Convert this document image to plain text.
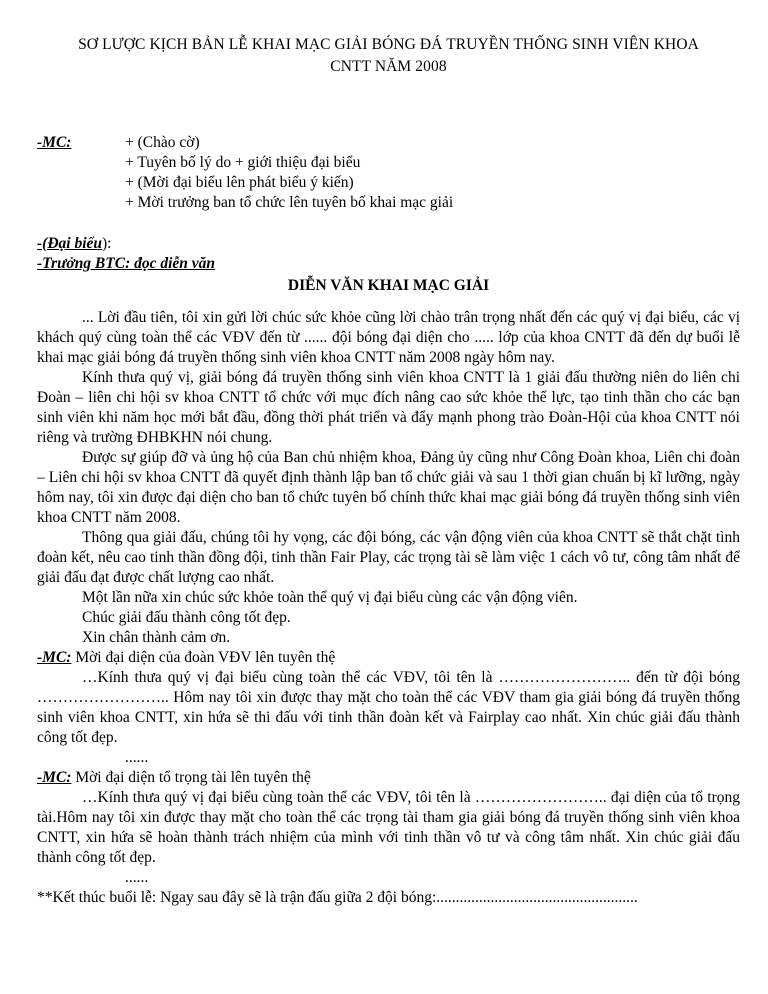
SƠ LƯỢC KỊCH BẢN LỄ KHAI MẠC GIẢI BÓNG ĐÁ TRUYỀN THỐNG SINH VIÊN KHOA
CNTT NĂM 2008
-MC:	+ (Chào cờ)
+ Tuyên bố lý do + giới thiệu đại biểu
+ (Mời đại biểu lên phát biểu ý kiến)
+ Mời trưởng ban tổ chức lên tuyên bố khai mạc giải
-(Đại biểu):
-Trưởng BTC: đọc diễn văn
DIỄN VĂN KHAI MẠC GIẢI

... Lời đầu tiên, tôi xin gửi lời chúc sức khỏe cũng lời chào trân trọng nhất đến các quý vị đại biểu, các vị khách quý cùng toàn thể các VĐV đến từ ...... đội bóng đại diện cho ..... lớp của khoa CNTT đã đến dự buổi lễ khai mạc giải bóng đá truyền thống sinh viên khoa CNTT năm 2008 ngày hôm nay.

Kính thưa quý vị, giải bóng đá truyền thống sinh viên khoa CNTT là 1 giải đấu thường niên do liên chi Đoàn – liên chi hội sv khoa CNTT tổ chức với mục đích nâng cao sức khỏe thể lực, tạo tinh thần cho các bạn sinh viên khi năm học mới bắt đầu, đồng thời phát triển và đẩy mạnh phong trào Đoàn-Hội của khoa CNTT nói riêng và trường ĐHBKHN nói chung.

Được sự giúp đỡ và ủng hộ của Ban chủ nhiệm khoa, Đảng ủy cũng như Công Đoàn khoa, Liên chi đoàn – Liên chi hội sv khoa CNTT đã quyết định thành lập ban tổ chức giải và sau 1 thời gian chuẩn bị kĩ lưỡng, ngày hôm nay, tôi xin được đại diện cho ban tổ chức tuyên bố chính thức khai mạc giải bóng đá truyền thống sinh viên khoa CNTT năm 2008.

Thông qua giải đấu, chúng tôi hy vọng, các đội bóng, các vận động viên của khoa CNTT sẽ thắt chặt tình đoàn kết, nêu cao tinh thần đồng đội, tinh thần Fair Play, các trọng tài sẽ làm việc 1 cách vô tư, công tâm nhất để giải đấu đạt được chất lượng cao nhất.

Một lần nữa xin chúc sức khỏe toàn thể quý vị đại biểu cùng các vận động viên.
Chúc giải đấu thành công tốt đẹp.
Xin chân thành cảm ơn.
-MC: Mời đại diện của đoàn VĐV lên tuyên thệ

…Kính thưa quý vị đại biểu cùng toàn thể các VĐV, tôi tên là …………………….. đến từ đội bóng …………………….. Hôm nay tôi xin được thay mặt cho toàn thể các VĐV tham gia giải bóng đá truyền thống sinh viên khoa CNTT, xin hứa sẽ thi đấu với tinh thần đoàn kết và Fairplay cao nhất. Xin chúc giải đấu thành công tốt đẹp.

......
-MC: Mời đại diện tổ trọng tài lên tuyên thệ

…Kính thưa quý vị đại biểu cùng toàn thể các VĐV, tôi tên là …………………….. đại diện của tổ trọng tài.Hôm nay tôi xin được thay mặt cho toàn thể các trọng tài tham gia giải bóng đá truyền thống sinh viên khoa CNTT, xin hứa sẽ hoàn thành trách nhiệm của mình với tinh thần vô tư và công tâm nhất. Xin chúc giải đấu thành công tốt đẹp.

......
**Kết thúc buổi lễ: Ngay sau đây sẽ là trận đấu giữa 2 đội bóng:....................................................
